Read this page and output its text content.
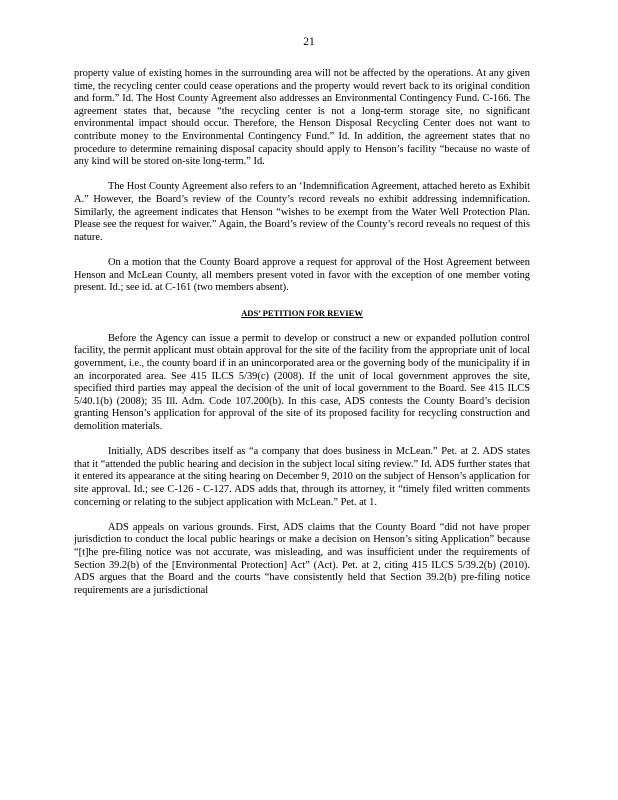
21

property value of existing homes in the surrounding area will not be affected by the operations. At any given time, the recycling center could cease operations and the property would revert back to its original condition and form.” Id. The Host County Agreement also addresses an Environmental Contingency Fund. C-166. The agreement states that, because “the recycling center is not a long-term storage site, no significant environmental impact should occur. Therefore, the Henson Disposal Recycling Center does not want to contribute money to the Environmental Contingency Fund.” Id. In addition, the agreement states that no procedure to determine remaining disposal capacity should apply to Henson’s facility “because no waste of any kind will be stored on-site long-term.” Id.

The Host County Agreement also refers to an ‘Indemnification Agreement, attached hereto as Exhibit A.” However, the Board’s review of the County’s record reveals no exhibit addressing indemnification. Similarly, the agreement indicates that Henson “wishes to be exempt from the Water Well Protection Plan. Please see the request for waiver.” Again, the Board’s review of the County’s record reveals no request of this nature.

On a motion that the County Board approve a request for approval of the Host Agreement between Henson and McLean County, all members present voted in favor with the exception of one member voting present. Id.; see id. at C-161 (two members absent).

ADS’ PETITION FOR REVIEW

Before the Agency can issue a permit to develop or construct a new or expanded pollution control facility, the permit applicant must obtain approval for the site of the facility from the appropriate unit of local government, i.e., the county board if in an unincorporated area or the governing body of the municipality if in an incorporated area. See 415 ILCS 5/39(c) (2008). If the unit of local government approves the site, specified third parties may appeal the decision of the unit of local government to the Board. See 415 ILCS 5/40.1(b) (2008); 35 Ill. Adm. Code 107.200(b). In this case, ADS contests the County Board’s decision granting Henson’s application for approval of the site of its proposed facility for recycling construction and demolition materials.

Initially, ADS describes itself as “a company that does business in McLean.” Pet. at 2. ADS states that it “attended the public hearing and decision in the subject local siting review.” Id. ADS further states that it entered its appearance at the siting hearing on December 9, 2010 on the subject of Henson’s application for site approval. Id.; see C-126 - C-127. ADS adds that, through its attorney, it “timely filed written comments concerning or relating to the subject application with McLean.” Pet. at 1.

ADS appeals on various grounds. First, ADS claims that the County Board “did not have proper jurisdiction to conduct the local public hearings or make a decision on Henson’s siting Application” because “[t]he pre-filing notice was not accurate, was misleading, and was insufficient under the requirements of Section 39.2(b) of the [Environmental Protection] Act” (Act). Pet. at 2, citing 415 ILCS 5/39.2(b) (2010). ADS argues that the Board and the courts “have consistently held that Section 39.2(b) pre-filing notice requirements are a jurisdictional
